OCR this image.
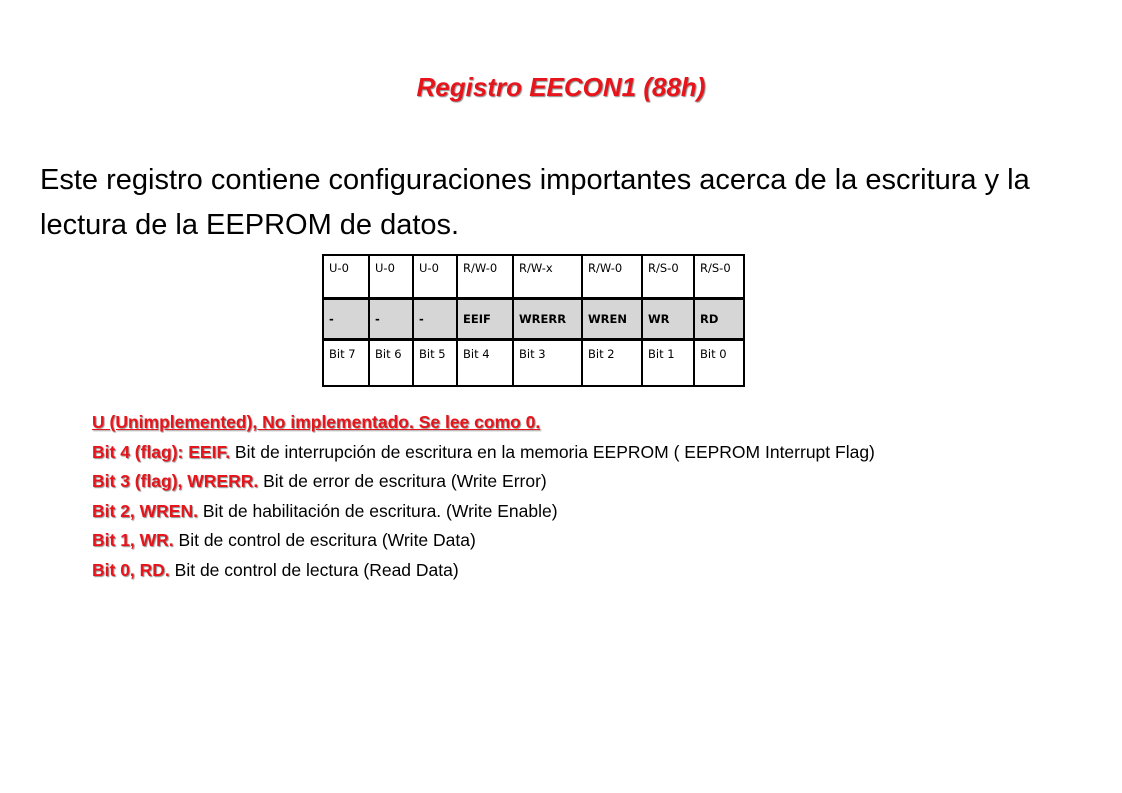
Registro EECON1 (88h)
Este registro contiene configuraciones importantes acerca de la escritura y la lectura de la EEPROM de datos.
U-0	U-0	U-0	R/W-0	R/W-x	R/W-0	R/S-0	R/S-0
-	-	-	EEIF	WRERR	WREN	WR	RD
Bit 7	Bit 6	Bit 5	Bit 4	Bit 3	Bit 2	Bit 1	Bit 0
U (Unimplemented), No implementado. Se lee como 0.
Bit 4 (flag): EEIF. Bit de interrupción de escritura en la memoria EEPROM ( EEPROM Interrupt Flag)
Bit 3 (flag), WRERR. Bit de error de escritura (Write Error)
Bit 2, WREN. Bit de habilitación de escritura. (Write Enable)
Bit 1, WR. Bit de control de escritura (Write Data)
Bit 0, RD. Bit de control de lectura (Read Data)
